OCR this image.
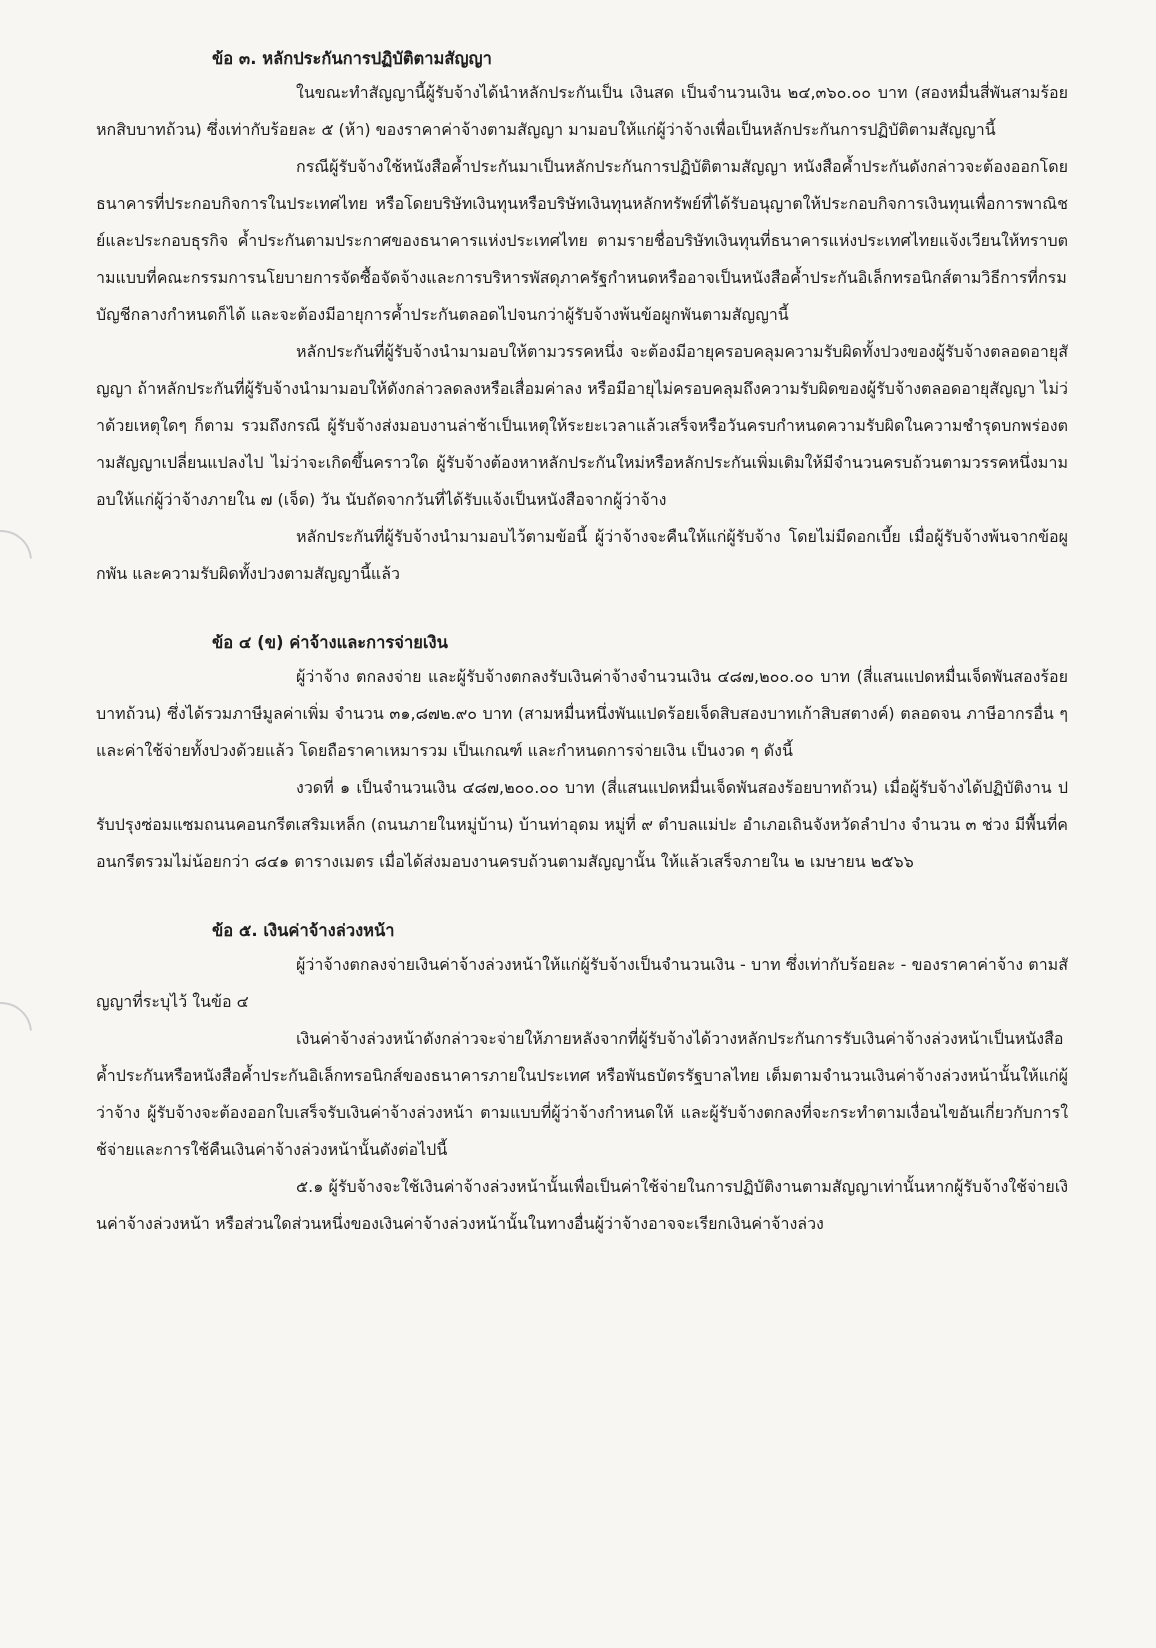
ข้อ ๓. หลักประกันการปฏิบัติตามสัญญา

ในขณะทำสัญญานี้ผู้รับจ้างได้นำหลักประกันเป็น เงินสด เป็นจำนวนเงิน ๒๔,๓๖๐.๐๐ บาท (สองหมื่นสี่พันสามร้อยหกสิบบาทถ้วน) ซึ่งเท่ากับร้อยละ ๕ (ห้า) ของราคาค่าจ้างตามสัญญา มามอบให้แก่ผู้ว่าจ้างเพื่อเป็นหลักประกันการปฏิบัติตามสัญญานี้

กรณีผู้รับจ้างใช้หนังสือค้ำประกันมาเป็นหลักประกันการปฏิบัติตามสัญญา หนังสือค้ำประกันดังกล่าวจะต้องออกโดยธนาคารที่ประกอบกิจการในประเทศไทย หรือโดยบริษัทเงินทุนหรือบริษัทเงินทุนหลักทรัพย์ที่ได้รับอนุญาตให้ประกอบกิจการเงินทุนเพื่อการพาณิชย์และประกอบธุรกิจ ค้ำประกันตามประกาศของธนาคารแห่งประเทศไทย ตามรายชื่อบริษัทเงินทุนที่ธนาคารแห่งประเทศไทยแจ้งเวียนให้ทราบตามแบบที่คณะกรรมการนโยบายการจัดซื้อจัดจ้างและการบริหารพัสดุภาครัฐกำหนดหรืออาจเป็นหนังสือค้ำประกันอิเล็กทรอนิกส์ตามวิธีการที่กรมบัญชีกลางกำหนดก็ได้ และจะต้องมีอายุการค้ำประกันตลอดไปจนกว่าผู้รับจ้างพ้นข้อผูกพันตามสัญญานี้

หลักประกันที่ผู้รับจ้างนำมามอบให้ตามวรรคหนึ่ง จะต้องมีอายุครอบคลุมความรับผิดทั้งปวงของผู้รับจ้างตลอดอายุสัญญา ถ้าหลักประกันที่ผู้รับจ้างนำมามอบให้ดังกล่าวลดลงหรือเสื่อมค่าลง หรือมีอายุไม่ครอบคลุมถึงความรับผิดของผู้รับจ้างตลอดอายุสัญญา ไม่ว่าด้วยเหตุใดๆ ก็ตาม รวมถึงกรณี ผู้รับจ้างส่งมอบงานล่าช้าเป็นเหตุให้ระยะเวลาแล้วเสร็จหรือวันครบกำหนดความรับผิดในความชำรุดบกพร่องตามสัญญาเปลี่ยนแปลงไป ไม่ว่าจะเกิดขึ้นคราวใด ผู้รับจ้างต้องหาหลักประกันใหม่หรือหลักประกันเพิ่มเติมให้มีจำนวนครบถ้วนตามวรรคหนึ่งมามอบให้แก่ผู้ว่าจ้างภายใน ๗ (เจ็ด) วัน นับถัดจากวันที่ได้รับแจ้งเป็นหนังสือจากผู้ว่าจ้าง

หลักประกันที่ผู้รับจ้างนำมามอบไว้ตามข้อนี้ ผู้ว่าจ้างจะคืนให้แก่ผู้รับจ้าง โดยไม่มีดอกเบี้ย เมื่อผู้รับจ้างพ้นจากข้อผูกพัน และความรับผิดทั้งปวงตามสัญญานี้แล้ว

ข้อ ๔ (ข) ค่าจ้างและการจ่ายเงิน

ผู้ว่าจ้าง ตกลงจ่าย และผู้รับจ้างตกลงรับเงินค่าจ้างจำนวนเงิน ๔๘๗,๒๐๐.๐๐ บาท (สี่แสนแปดหมื่นเจ็ดพันสองร้อยบาทถ้วน) ซึ่งได้รวมภาษีมูลค่าเพิ่ม จำนวน ๓๑,๘๗๒.๙๐ บาท (สามหมื่นหนึ่งพันแปดร้อยเจ็ดสิบสองบาทเก้าสิบสตางค์) ตลอดจน ภาษีอากรอื่น ๆ และค่าใช้จ่ายทั้งปวงด้วยแล้ว โดยถือราคาเหมารวม เป็นเกณฑ์ และกำหนดการจ่ายเงิน เป็นงวด ๆ ดังนี้

งวดที่ ๑ เป็นจำนวนเงิน ๔๘๗,๒๐๐.๐๐ บาท (สี่แสนแปดหมื่นเจ็ดพันสองร้อยบาทถ้วน) เมื่อผู้รับจ้างได้ปฏิบัติงาน ปรับปรุงซ่อมแซมถนนคอนกรีตเสริมเหล็ก (ถนนภายในหมู่บ้าน) บ้านท่าอุดม หมู่ที่ ๙ ตำบลแม่ปะ อำเภอเถินจังหวัดลำปาง จำนวน ๓ ช่วง มีพื้นที่คอนกรีตรวมไม่น้อยกว่า ๘๔๑ ตารางเมตร เมื่อได้ส่งมอบงานครบถ้วนตามสัญญานั้น ให้แล้วเสร็จภายใน ๒ เมษายน ๒๕๖๖

ข้อ ๕. เงินค่าจ้างล่วงหน้า

ผู้ว่าจ้างตกลงจ่ายเงินค่าจ้างล่วงหน้าให้แก่ผู้รับจ้างเป็นจำนวนเงิน - บาท ซึ่งเท่ากับร้อยละ - ของราคาค่าจ้าง ตามสัญญาที่ระบุไว้ ในข้อ ๔

เงินค่าจ้างล่วงหน้าดังกล่าวจะจ่ายให้ภายหลังจากที่ผู้รับจ้างได้วางหลักประกันการรับเงินค่าจ้างล่วงหน้าเป็นหนังสือค้ำประกันหรือหนังสือค้ำประกันอิเล็กทรอนิกส์ของธนาคารภายในประเทศ หรือพันธบัตรรัฐบาลไทย เต็มตามจำนวนเงินค่าจ้างล่วงหน้านั้นให้แก่ผู้ว่าจ้าง ผู้รับจ้างจะต้องออกใบเสร็จรับเงินค่าจ้างล่วงหน้า ตามแบบที่ผู้ว่าจ้างกำหนดให้ และผู้รับจ้างตกลงที่จะกระทำตามเงื่อนไขอันเกี่ยวกับการใช้จ่ายและการใช้คืนเงินค่าจ้างล่วงหน้านั้นดังต่อไปนี้

๕.๑ ผู้รับจ้างจะใช้เงินค่าจ้างล่วงหน้านั้นเพื่อเป็นค่าใช้จ่ายในการปฏิบัติงานตามสัญญาเท่านั้นหากผู้รับจ้างใช้จ่ายเงินค่าจ้างล่วงหน้า หรือส่วนใดส่วนหนึ่งของเงินค่าจ้างล่วงหน้านั้นในทางอื่นผู้ว่าจ้างอาจจะเรียกเงินค่าจ้างล่วง
